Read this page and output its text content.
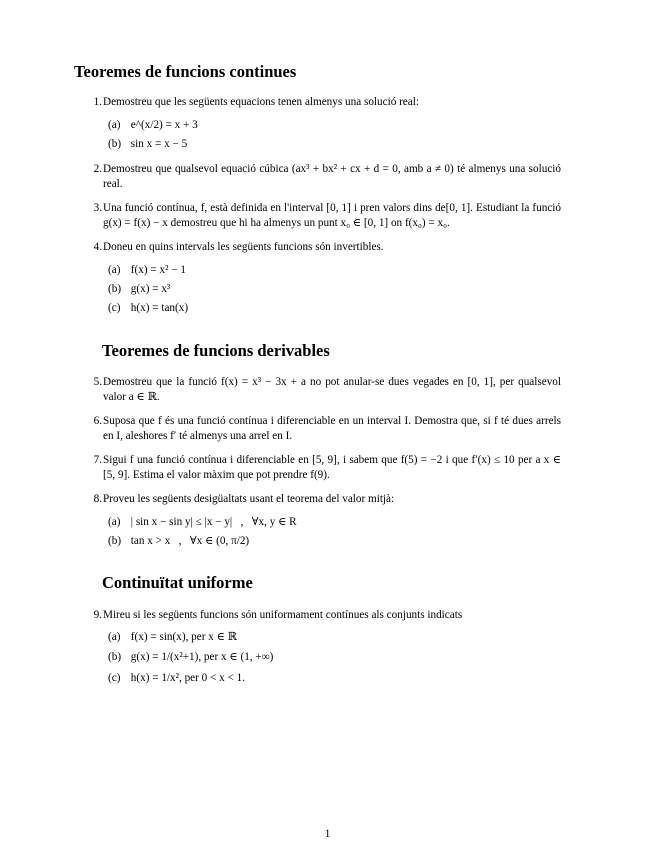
Teoremes de funcions continues
1. Demostreu que les següents equacions tenen almenys una solució real:
(a) e^(x/2) = x + 3
(b) sin x = x − 5
2. Demostreu que qualsevol equació cúbica (ax³ + bx² + cx + d = 0, amb a ≠ 0) té almenys una solució real.
3. Una funció contínua, f, està definida en l'interval [0, 1] i pren valors dins de[0, 1]. Estudiant la funció g(x) = f(x) − x demostreu que hi ha almenys un punt x₀ ∈ [0, 1] on f(x₀) = x₀.
4. Doneu en quins intervals les següents funcions són invertibles.
(a) f(x) = x² − 1
(b) g(x) = x³
(c) h(x) = tan(x)
Teoremes de funcions derivables
5. Demostreu que la funció f(x) = x³ − 3x + a no pot anular-se dues vegades en [0, 1], per qualsevol valor a ∈ ℝ.
6. Suposa que f és una funció contínua i diferenciable en un interval I. Demostra que, si f té dues arrels en I, aleshores f′ té almenys una arrel en I.
7. Sigui f una funció contínua i diferenciable en [5, 9], i sabem que f(5) = −2 i que f′(x) ≤ 10 per a x ∈ [5, 9]. Estima el valor màxim que pot prendre f(9).
8. Proveu les següents desigüaltats usant el teorema del valor mitjà:
(a) | sin x − sin y| ≤ |x − y|   ,   ∀x, y ∈ R
(b) tan x > x   ,   ∀x ∈ (0, π/2)
Continuïtat uniforme
9. Mireu si les següents funcions són uniformament contínues als conjunts indicats
(a) f(x) = sin(x), per x ∈ ℝ
(b) g(x) = 1/(x²+1), per x ∈ (1, +∞)
(c) h(x) = 1/x², per 0 < x < 1.
1
